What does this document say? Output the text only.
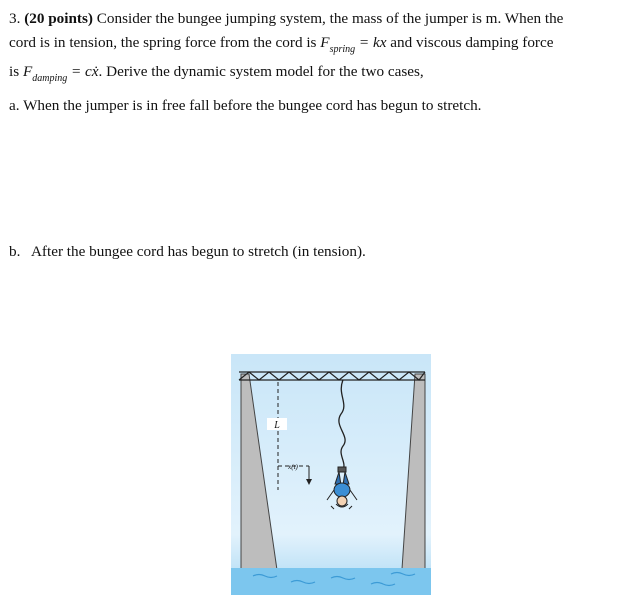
3. (20 points) Consider the bungee jumping system, the mass of the jumper is m. When the
cord is in tension, the spring force from the cord is $F_{spring}$ = kx and viscous damping force
is $F_{damping}$ = cẋ. Derive the dynamic system model for the two cases,
a. When the jumper is in free fall before the bungee cord has begun to stretch.
b. After the bungee cord has begun to stretch (in tension).
L
x(t)
